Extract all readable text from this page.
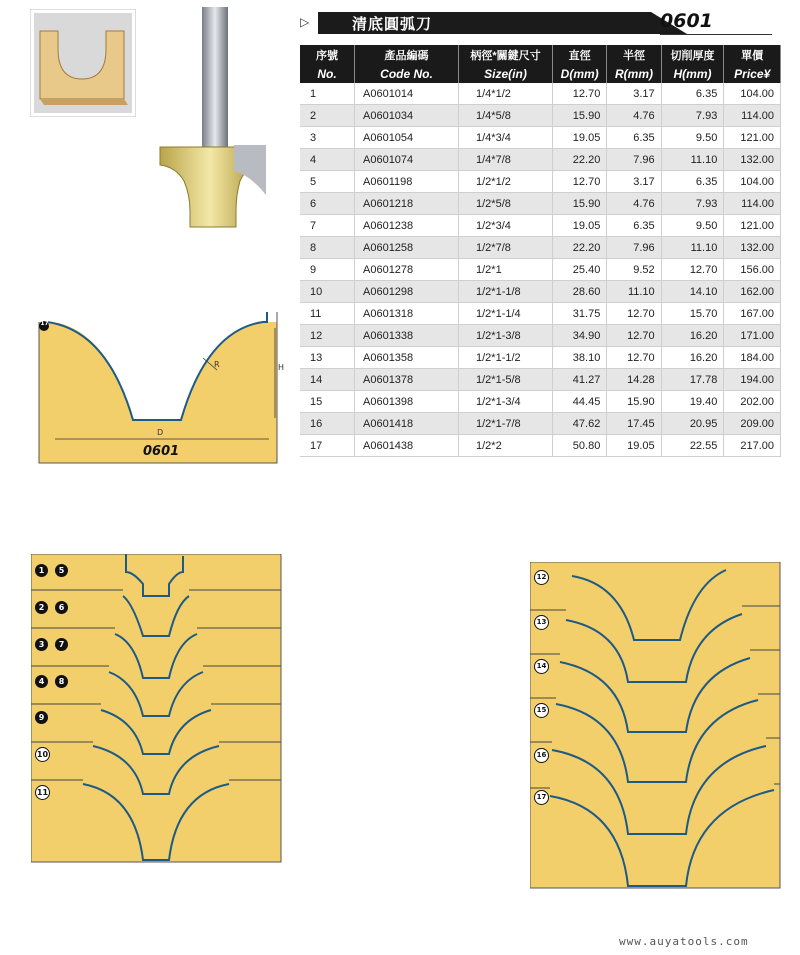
▷	清底圓弧刀	0601
序號	產品編碼	柄徑*關鍵尺寸	直徑	半徑	切削厚度	單價
No.	Code No.	Size(in)	D(mm)	R(mm)	H(mm)	Price¥
1	A0601014	1/4*1/2	12.70	3.17	6.35	104.00
2	A0601034	1/4*5/8	15.90	4.76	7.93	114.00
3	A0601054	1/4*3/4	19.05	6.35	9.50	121.00
4	A0601074	1/4*7/8	22.20	7.96	11.10	132.00
5	A0601198	1/2*1/2	12.70	3.17	6.35	104.00
6	A0601218	1/2*5/8	15.90	4.76	7.93	114.00
7	A0601238	1/2*3/4	19.05	6.35	9.50	121.00
8	A0601258	1/2*7/8	22.20	7.96	11.10	132.00
9	A0601278	1/2*1	25.40	9.52	12.70	156.00
10	A0601298	1/2*1-1/8	28.60	11.10	14.10	162.00
11	A0601318	1/2*1-1/4	31.75	12.70	15.70	167.00
12	A0601338	1/2*1-3/8	34.90	12.70	16.20	171.00
13	A0601358	1/2*1-1/2	38.10	12.70	16.20	184.00
14	A0601378	1/2*1-5/8	41.27	14.28	17.78	194.00
15	A0601398	1/2*1-3/4	44.45	15.90	19.40	202.00
16	A0601418	1/2*1-7/8	47.62	17.45	20.95	209.00
17	A0601438	1/2*2	50.80	19.05	22.55	217.00
17
R	H
D
0601
1	5
2	6
3	7
4	8
9
10
11
12
13
14
15
16
17
www.auyatools.com
